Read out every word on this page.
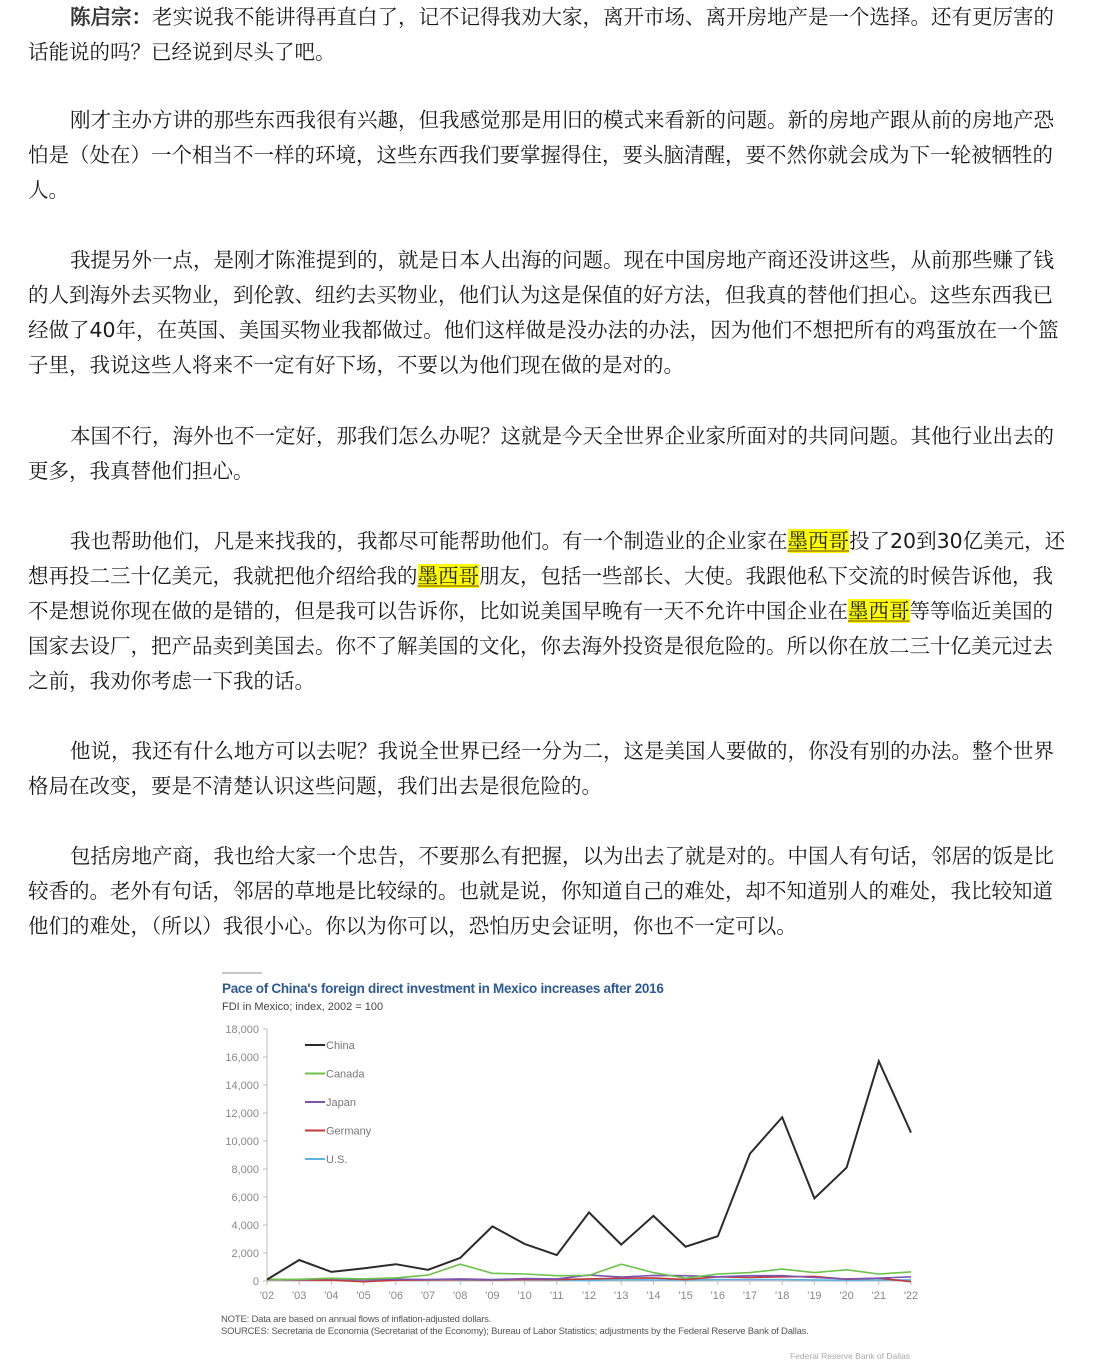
陈启宗：老实说我不能讲得再直白了，记不记得我劝大家，离开市场、离开房地产是一个选择。还有更厉害的话能说的吗？已经说到尽头了吧。

刚才主办方讲的那些东西我很有兴趣，但我感觉那是用旧的模式来看新的问题。新的房地产跟从前的房地产恐怕是（处在）一个相当不一样的环境，这些东西我们要掌握得住，要头脑清醒，要不然你就会成为下一轮被牺牲的人。

我提另外一点，是刚才陈淮提到的，就是日本人出海的问题。现在中国房地产商还没讲这些，从前那些赚了钱的人到海外去买物业，到伦敦、纽约去买物业，他们认为这是保值的好方法，但我真的替他们担心。这些东西我已经做了40年，在英国、美国买物业我都做过。他们这样做是没办法的办法，因为他们不想把所有的鸡蛋放在一个篮子里，我说这些人将来不一定有好下场，不要以为他们现在做的是对的。

本国不行，海外也不一定好，那我们怎么办呢？这就是今天全世界企业家所面对的共同问题。其他行业出去的更多，我真替他们担心。

我也帮助他们，凡是来找我的，我都尽可能帮助他们。有一个制造业的企业家在墨西哥投了20到30亿美元，还想再投二三十亿美元，我就把他介绍给我的墨西哥朋友，包括一些部长、大使。我跟他私下交流的时候告诉他，我不是想说你现在做的是错的，但是我可以告诉你，比如说美国早晚有一天不允许中国企业在墨西哥等等临近美国的国家去设厂，把产品卖到美国去。你不了解美国的文化，你去海外投资是很危险的。所以你在放二三十亿美元过去之前，我劝你考虑一下我的话。

他说，我还有什么地方可以去呢？我说全世界已经一分为二，这是美国人要做的，你没有别的办法。整个世界格局在改变，要是不清楚认识这些问题，我们出去是很危险的。

包括房地产商，我也给大家一个忠告，不要那么有把握，以为出去了就是对的。中国人有句话，邻居的饭是比较香的。老外有句话，邻居的草地是比较绿的。也就是说，你知道自己的难处，却不知道别人的难处，我比较知道他们的难处，（所以）我很小心。你以为你可以，恐怕历史会证明，你也不一定可以。

Pace of China's foreign direct investment in Mexico increases after 2016
FDI in Mexico; index, 2002 = 100
0
2,000
4,000
6,000
8,000
10,000
12,000
14,000
16,000
18,000
'02 '03 '04 '05 '06 '07 '08 '09 '10 '11 '12 '13 '14 '15 '16 '17 '18 '19 '20 '21 '22
China
Canada
Japan
Germany
U.S.
NOTE: Data are based on annual flows of inflation-adjusted dollars.
SOURCES: Secretaria de Economia (Secretariat of the Economy); Bureau of Labor Statistics; adjustments by the Federal Reserve Bank of Dallas.
Federal Reserve Bank of Dallas
